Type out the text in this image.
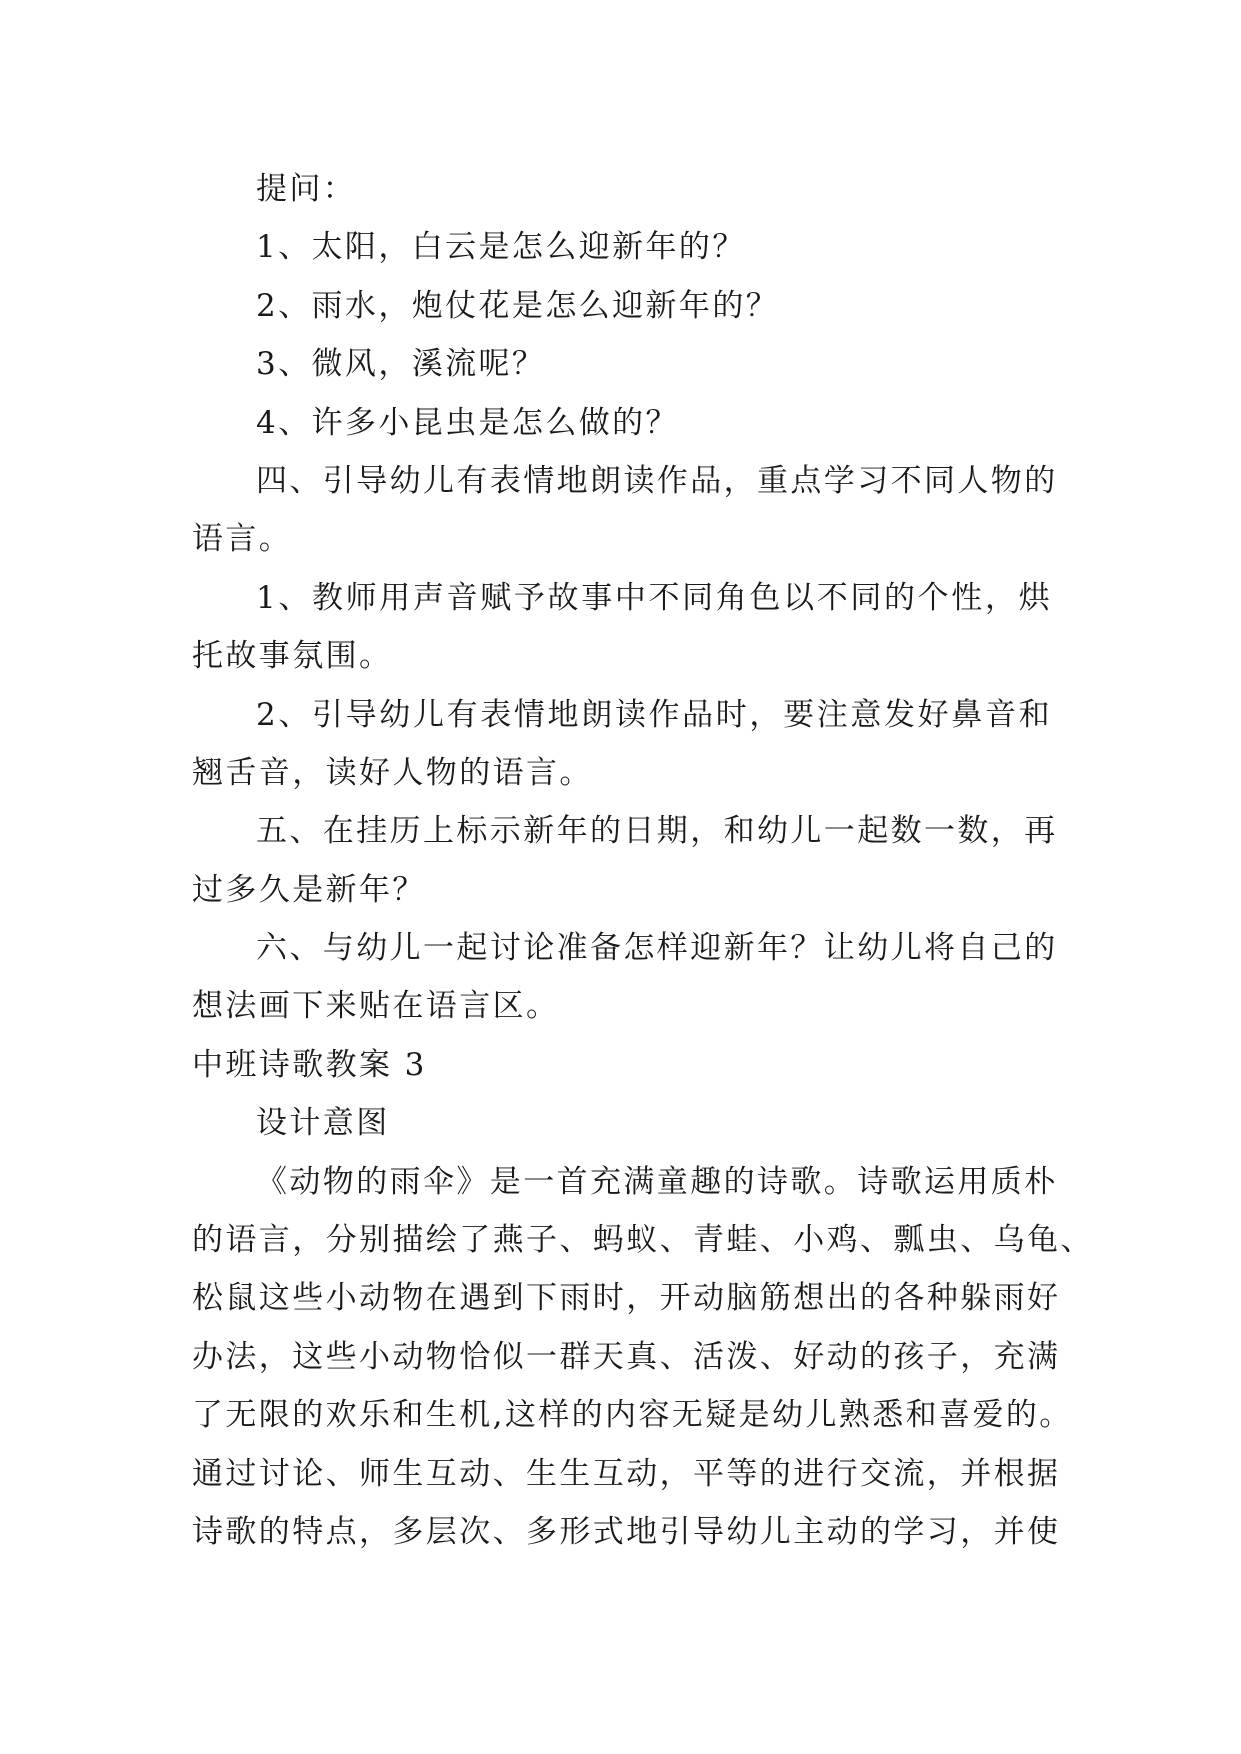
提问：
1、太阳，白云是怎么迎新年的？
2、雨水，炮仗花是怎么迎新年的？
3、微风，溪流呢？
4、许多小昆虫是怎么做的？
四、引导幼儿有表情地朗读作品，重点学习不同人物的
语言。
1、教师用声音赋予故事中不同角色以不同的个性，烘
托故事氛围。
2、引导幼儿有表情地朗读作品时，要注意发好鼻音和
翘舌音，读好人物的语言。
五、在挂历上标示新年的日期，和幼儿一起数一数，再
过多久是新年？
六、与幼儿一起讨论准备怎样迎新年？让幼儿将自己的
想法画下来贴在语言区。
中班诗歌教案 3
设计意图
《动物的雨伞》是一首充满童趣的诗歌。诗歌运用质朴
的语言，分别描绘了燕子、蚂蚁、青蛙、小鸡、瓢虫、乌龟、
松鼠这些小动物在遇到下雨时，开动脑筋想出的各种躲雨好
办法，这些小动物恰似一群天真、活泼、好动的孩子，充满
了无限的欢乐和生机,这样的内容无疑是幼儿熟悉和喜爱的。
通过讨论、师生互动、生生互动，平等的进行交流，并根据
诗歌的特点，多层次、多形式地引导幼儿主动的学习，并使
